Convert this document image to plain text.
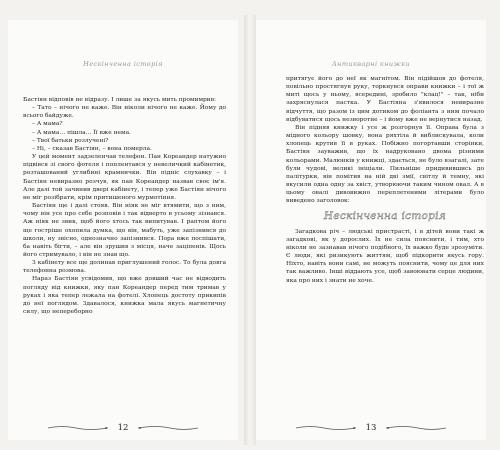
Нескінченна історія

Бастіян відповів не відразу. І лише за якусь мить промимрив:

– Тато – нічого не каже. Він ніколи нічого не каже. Йому до всього байдуже.

– А мама?

– А мама… пішла… Її вже нема.

– Твої батьки розлучені?

– Ні, – сказав Бастіян, – вона померла.

У цей момент задзеленчав телефон. Пан Кореандер натужно підвівся зі свого фотеля і поплентався у невеличкий кабінетик, розташований углибині крамнички. Він підніс слухавку – і Бастіян невиразно розчув, як пан Кореандер назвав своє ім'я. Але далі той зачинив двері кабінету, і тепер уже Бастіян нічого не міг розібрати, крім притишеного мурмотіння.

Бастіян ще і далі стояв. Він ніяк не міг втямити, що з ним, чому він усе про себе розповів і так відверто в усьому зізнався. Аж ніяк не звик, щоб його хтось так випитував. І раптом його ще гостріше охопила думка, що він, мабуть, уже запізнився до школи, ну звісно, однозначно запізнився. Пора вже поспішати, ба навіть бігти, – але він зрушив з місця, наче заціпенів. Щось його стримувало, і він не знав що.

З кабінету все ще долинав приглушений голос. То була довга телефонна розмова.

Нараз Бастіян усвідомив, що вже довший час не відводить погляду від книжки, яку пан Кореандер перед тим тримав у руках і яка тепер лежала на фотелі. Хлопець достоту прикипів до неї поглядом. Здавалося, книжка мала якусь магнетичну силу, що непереборно

12
Антикварні книжки

притягує його до неї як магнітом. Він підійшов до фотеля, повільно простягнув руку, торкнувся оправи книжки – і тої ж миті щось у ньому, всередині, зробило "клац!" – так, ніби захряснулася пастка. У Бастіяна з'явилося невиразне відчуття, що разом із цим дотиком до фоліанта з ним почало відбуватися щось незворотне – і йому вже не вернутися назад.

Він підняв книжку і усе ж розгорнув її. Оправа була з мідного кольору шовку, вона ряхтіла й виблискувала, коли хлопець крутив її в руках. Побіжно погортавши сторінки, Бастіян зауважив, що їх надруковано двома різними кольорами. Малюнків у книжці, здається, не було взагалі, зате були чудові, великі ініціали. Пильніше придивившись до палітурки, він помітив на ній дві змії, світлу й темну, які вкусили одна одну за хвіст, утворюючи таким чином овал. А в цьому овалі дивовижно переплетеними літерами було виведено заголовок:

Нескінченна історія

Загадкова річ – людські пристрасті, і в дітей вони такі ж загадкові, як у дорослих. Їх не сила пояснити, і тим, хто ніколи не зазнавав нічого подібного, їх важко буде зрозуміти. Є люди, які ризикують життям, щоб підкорити якусь гору. Ніхто, навіть вони самі, не можуть пояснити, чому це для них так важливо. Інші віддають усе, щоб завоювати серце людини, яка про них і знати не хоче.

13
